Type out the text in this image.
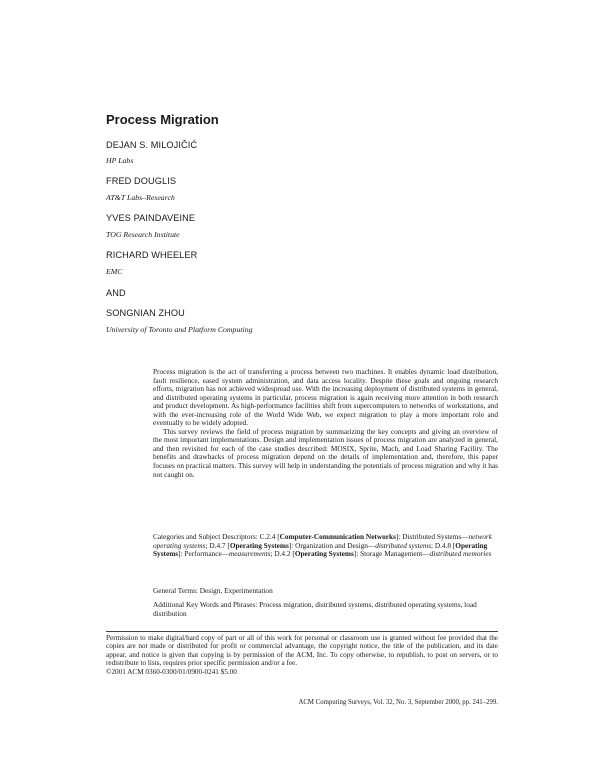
Process Migration
DEJAN S. MILOJIČIĆ
HP Labs
FRED DOUGLIS
AT&T Labs–Research
YVES PAINDAVEINE
TOG Research Institute
RICHARD WHEELER
EMC
AND
SONGNIAN ZHOU
University of Toronto and Platform Computing

Process migration is the act of transferring a process between two machines. It enables dynamic load distribution, fault resilience, eased system administration, and data access locality. Despite these goals and ongoing research efforts, migration has not achieved widespread use. With the increasing deployment of distributed systems in general, and distributed operating systems in particular, process migration is again receiving more attention in both research and product development. As high-performance facilities shift from supercomputers to networks of workstations, and with the ever-increasing role of the World Wide Web, we expect migration to play a more important role and eventually to be widely adopted.

This survey reviews the field of process migration by summarizing the key concepts and giving an overview of the most important implementations. Design and implementation issues of process migration are analyzed in general, and then revisited for each of the case studies described: MOSIX, Sprite, Mach, and Load Sharing Facility. The benefits and drawbacks of process migration depend on the details of implementation and, therefore, this paper focuses on practical matters. This survey will help in understanding the potentials of process migration and why it has not caught on.

Categories and Subject Descriptors: C.2.4 [Computer-Communication Networks]: Distributed Systems—network operating systems; D.4.7 [Operating Systems]: Organization and Design—distributed systems; D.4.8 [Operating Systems]: Performance—measurements; D.4.2 [Operating Systems]: Storage Management—distributed memories
General Terms: Design, Experimentation
Additional Key Words and Phrases: Process migration, distributed systems, distributed operating systems, load distribution
Permission to make digital/hard copy of part or all of this work for personal or classroom use is granted without fee provided that the copies are not made or distributed for profit or commercial advantage, the copyright notice, the title of the publication, and its date appear, and notice is given that copying is by permission of the ACM, Inc. To copy otherwise, to republish, to post on servers, or to redistribute to lists, requires prior specific permission and/or a fee.
©2001 ACM 0360-0300/01/0900-0241 $5.00
ACM Computing Surveys, Vol. 32, No. 3, September 2000, pp. 241–299.
